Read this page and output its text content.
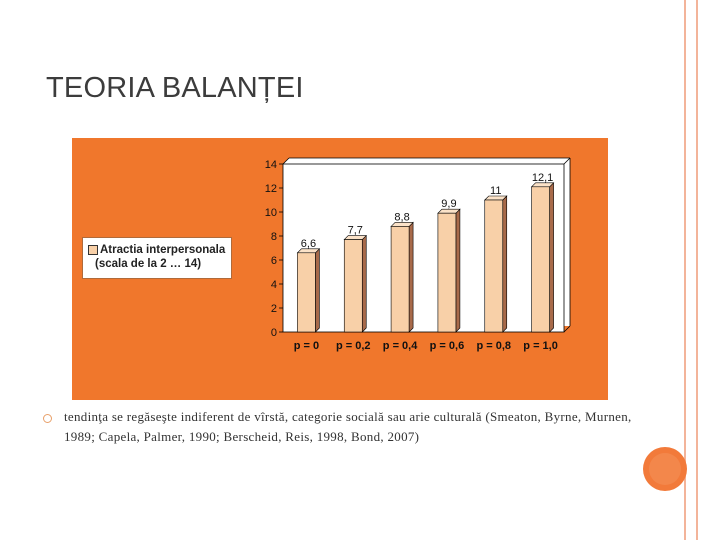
TEORIA BALANȚEI
0
2
4
6
8
10
12
14
6,6
p = 0
7,7
p = 0,2
8,8
p = 0,4
9,9
p = 0,6
11
p = 0,8
12,1
p = 1,0
Atractia interpersonala
(scala de la 2 … 14)
tendinţa se regăseşte indiferent de vîrstă, categorie socială sau arie culturală (Smeaton, Byrne, Murnen, 1989; Capela, Palmer, 1990; Berscheid, Reis, 1998, Bond, 2007)
